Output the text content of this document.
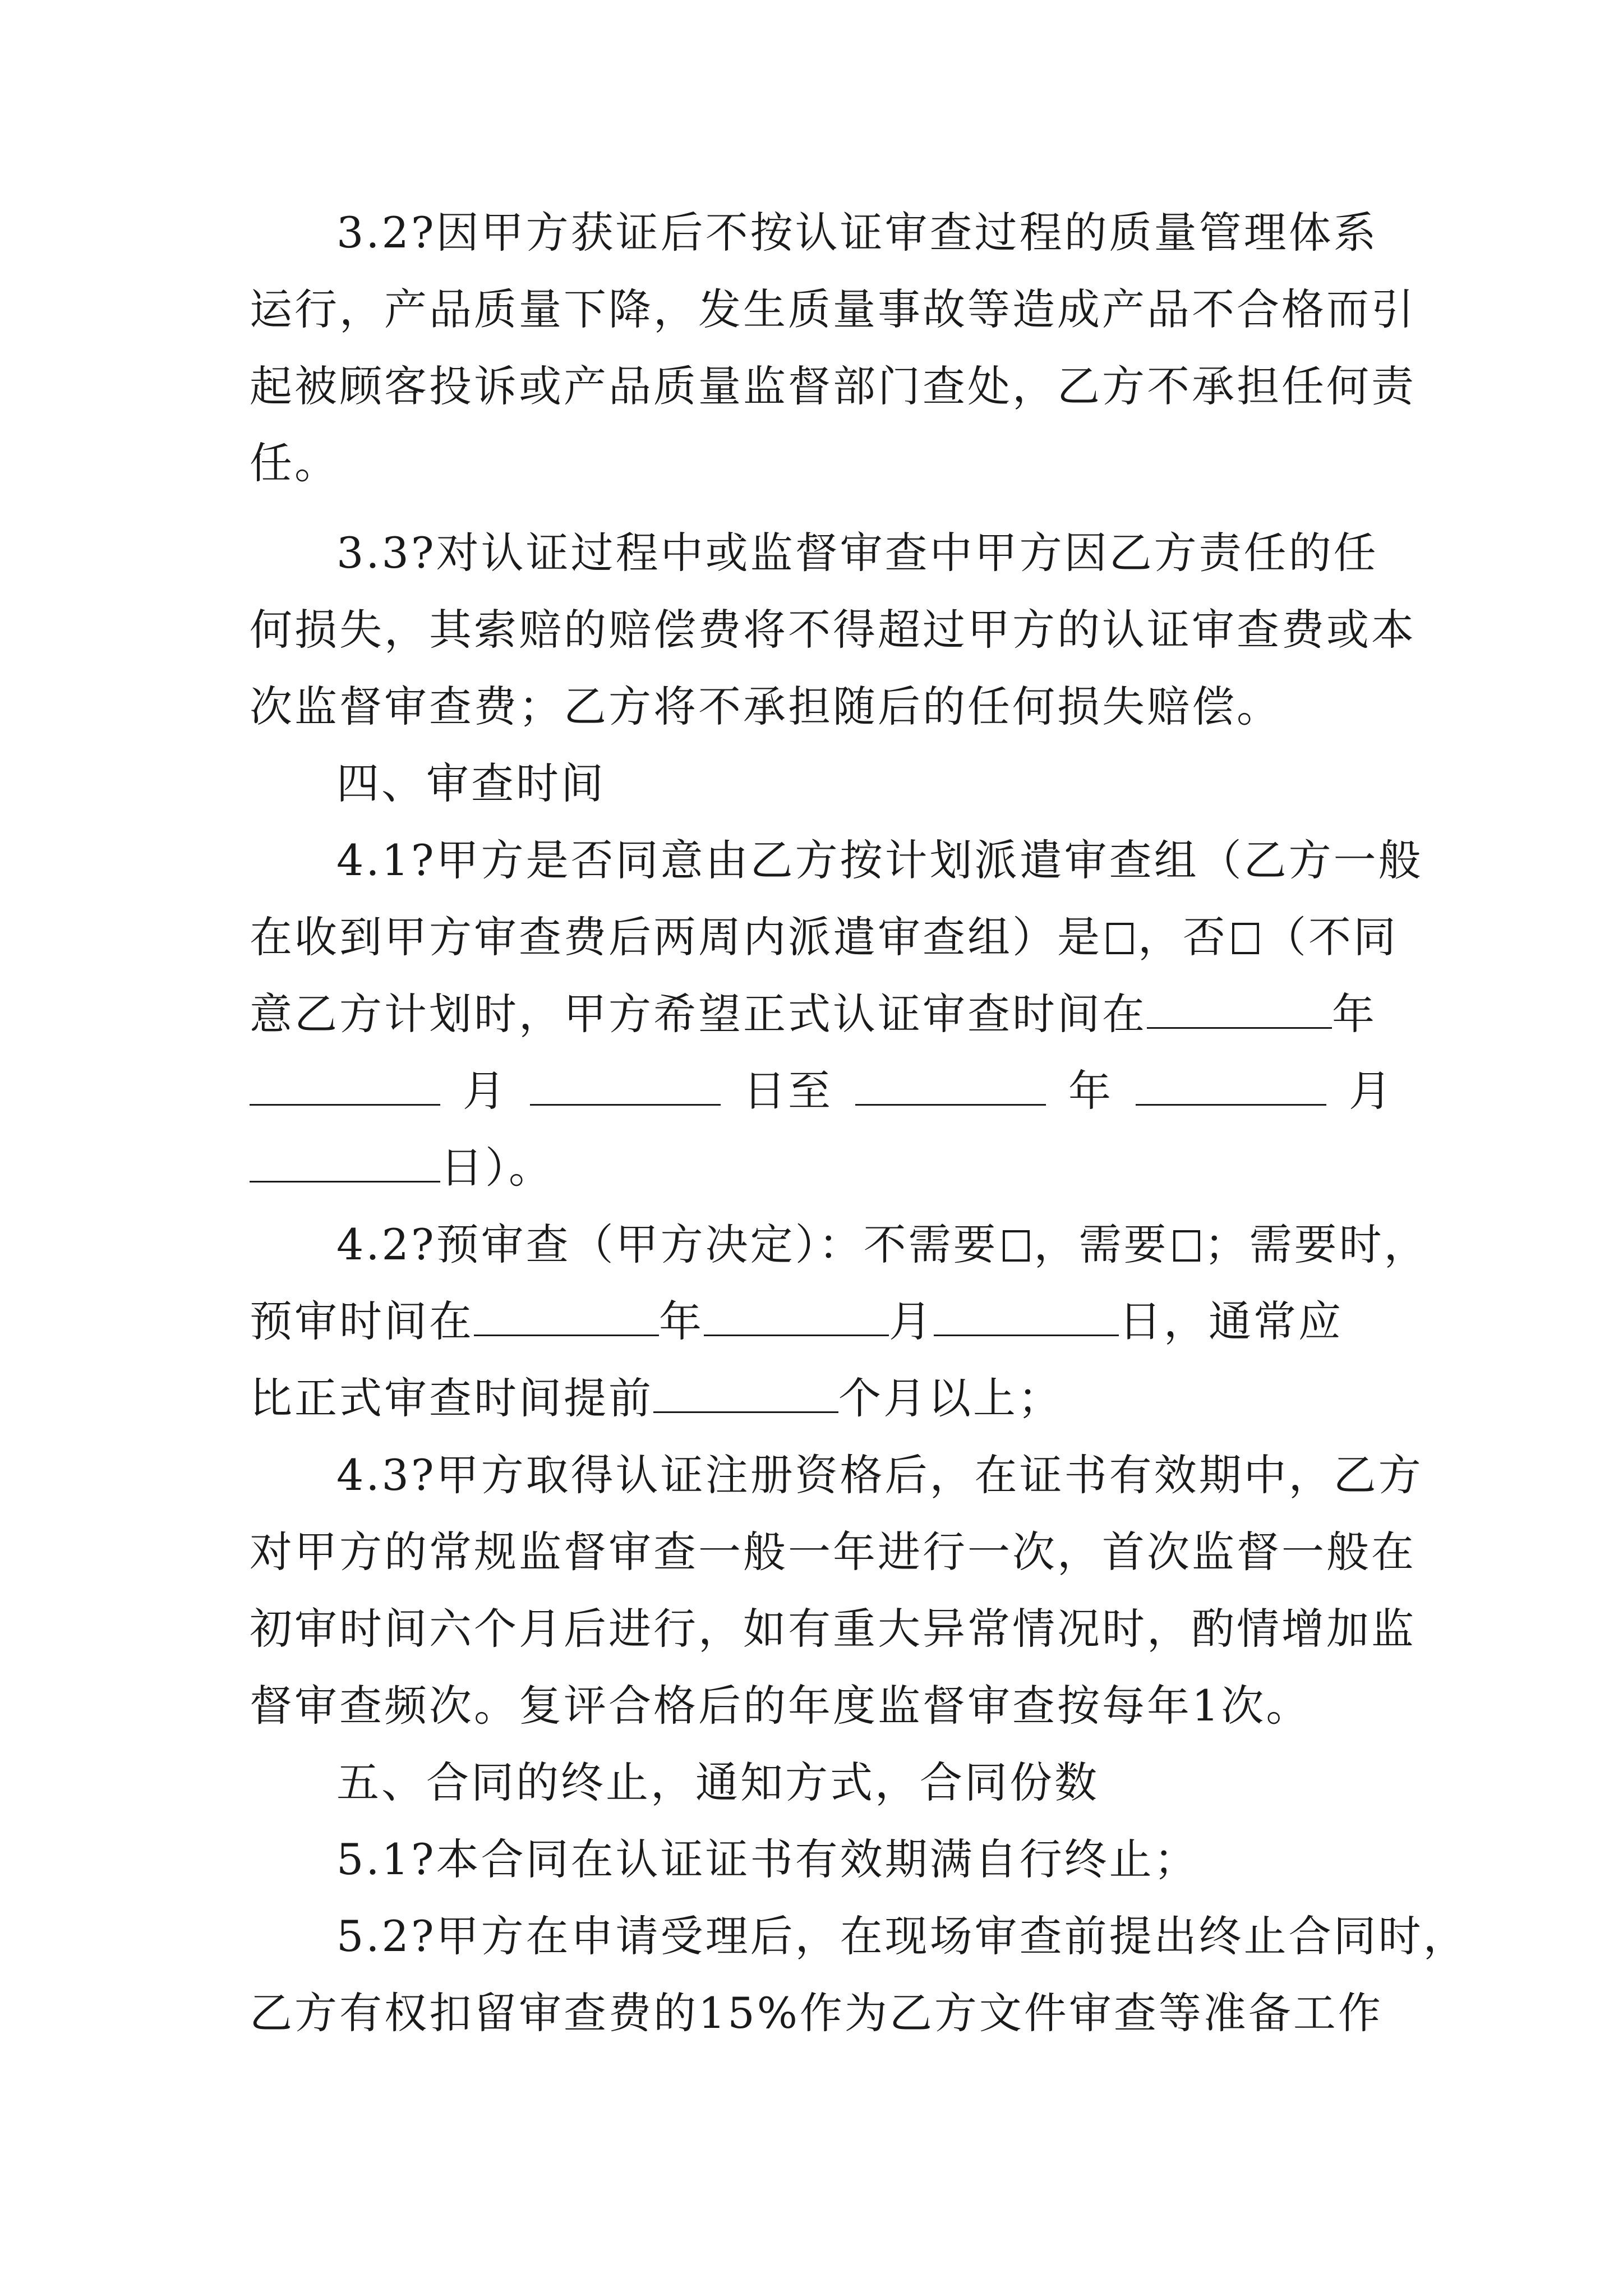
3.2?因甲方获证后不按认证审查过程的质量管理体系
运行，产品质量下降，发生质量事故等造成产品不合格而引
起被顾客投诉或产品质量监督部门查处，乙方不承担任何责
任。
3.3?对认证过程中或监督审查中甲方因乙方责任的任
何损失，其索赔的赔偿费将不得超过甲方的认证审查费或本
次监督审查费；乙方将不承担随后的任何损失赔偿。
四、审查时间
4.1?甲方是否同意由乙方按计划派遣审查组（乙方一般
在收到甲方审查费后两周内派遣审查组）是 ，否 （不同
意乙方计划时，甲方希望正式认证审查时间在	年
月	日至	年	月
日）。
4.2?预审查（甲方决定）：不需要 ，需要 ；需要时，
预审时间在	年	月	日，通常应
比正式审查时间提前	个月以上；
4.3?甲方取得认证注册资格后，在证书有效期中，乙方
对甲方的常规监督审查一般一年进行一次，首次监督一般在
初审时间六个月后进行，如有重大异常情况时，酌情增加监
督审查频次。复评合格后的年度监督审查按每年1次。
五、合同的终止，通知方式，合同份数
5.1?本合同在认证证书有效期满自行终止；
5.2?甲方在申请受理后，在现场审查前提出终止合同时，
乙方有权扣留审查费的15%作为乙方文件审查等准备工作
